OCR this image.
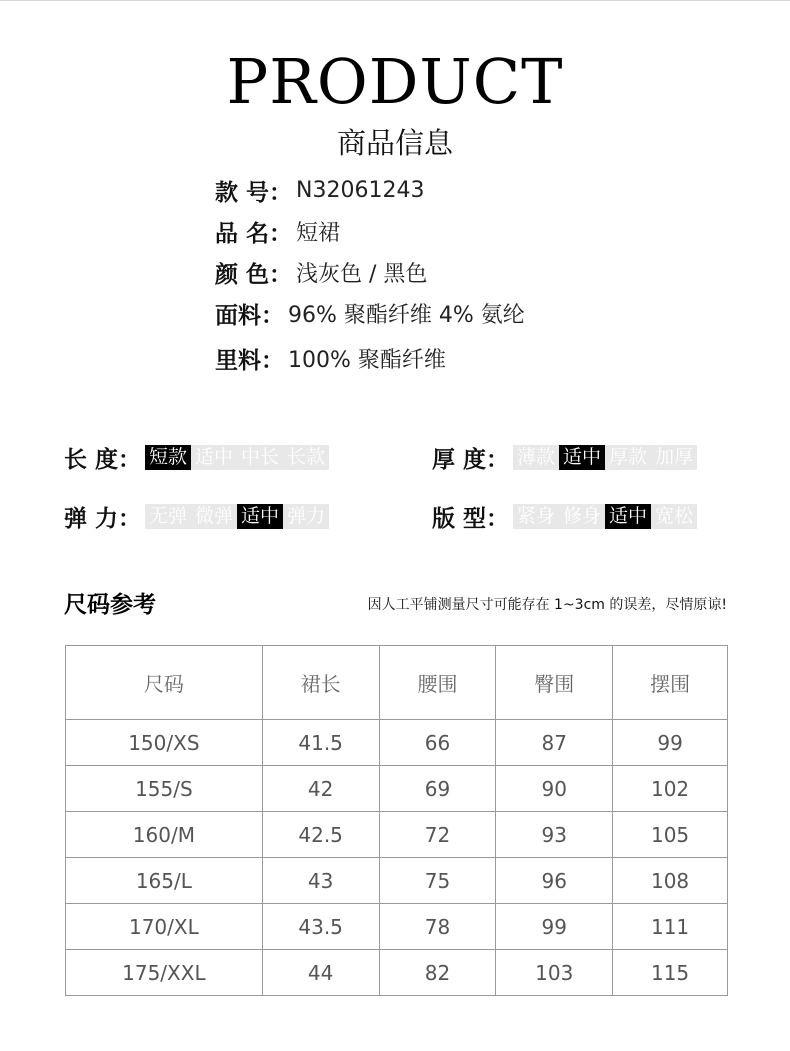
PRODUCT
商品信息
款 号： N32061243
品 名： 短裙
颜 色： 浅灰色 / 黑色
面料： 96% 聚酯纤维 4% 氨纶
里料： 100% 聚酯纤维
长 度： 短款 适中 中长 长款	厚 度： 薄款 适中 厚款 加厚
弹 力： 无弹 微弹 适中 弹力	版 型： 紧身 修身 适中 宽松
尺码参考	因人工平铺测量尺寸可能存在 1~3cm 的误差，尽情原谅!
尺码	裙长	腰围	臀围	摆围
150/XS	41.5	66	87	99
155/S	42	69	90	102
160/M	42.5	72	93	105
165/L	43	75	96	108
170/XL	43.5	78	99	111
175/XXL	44	82	103	115
